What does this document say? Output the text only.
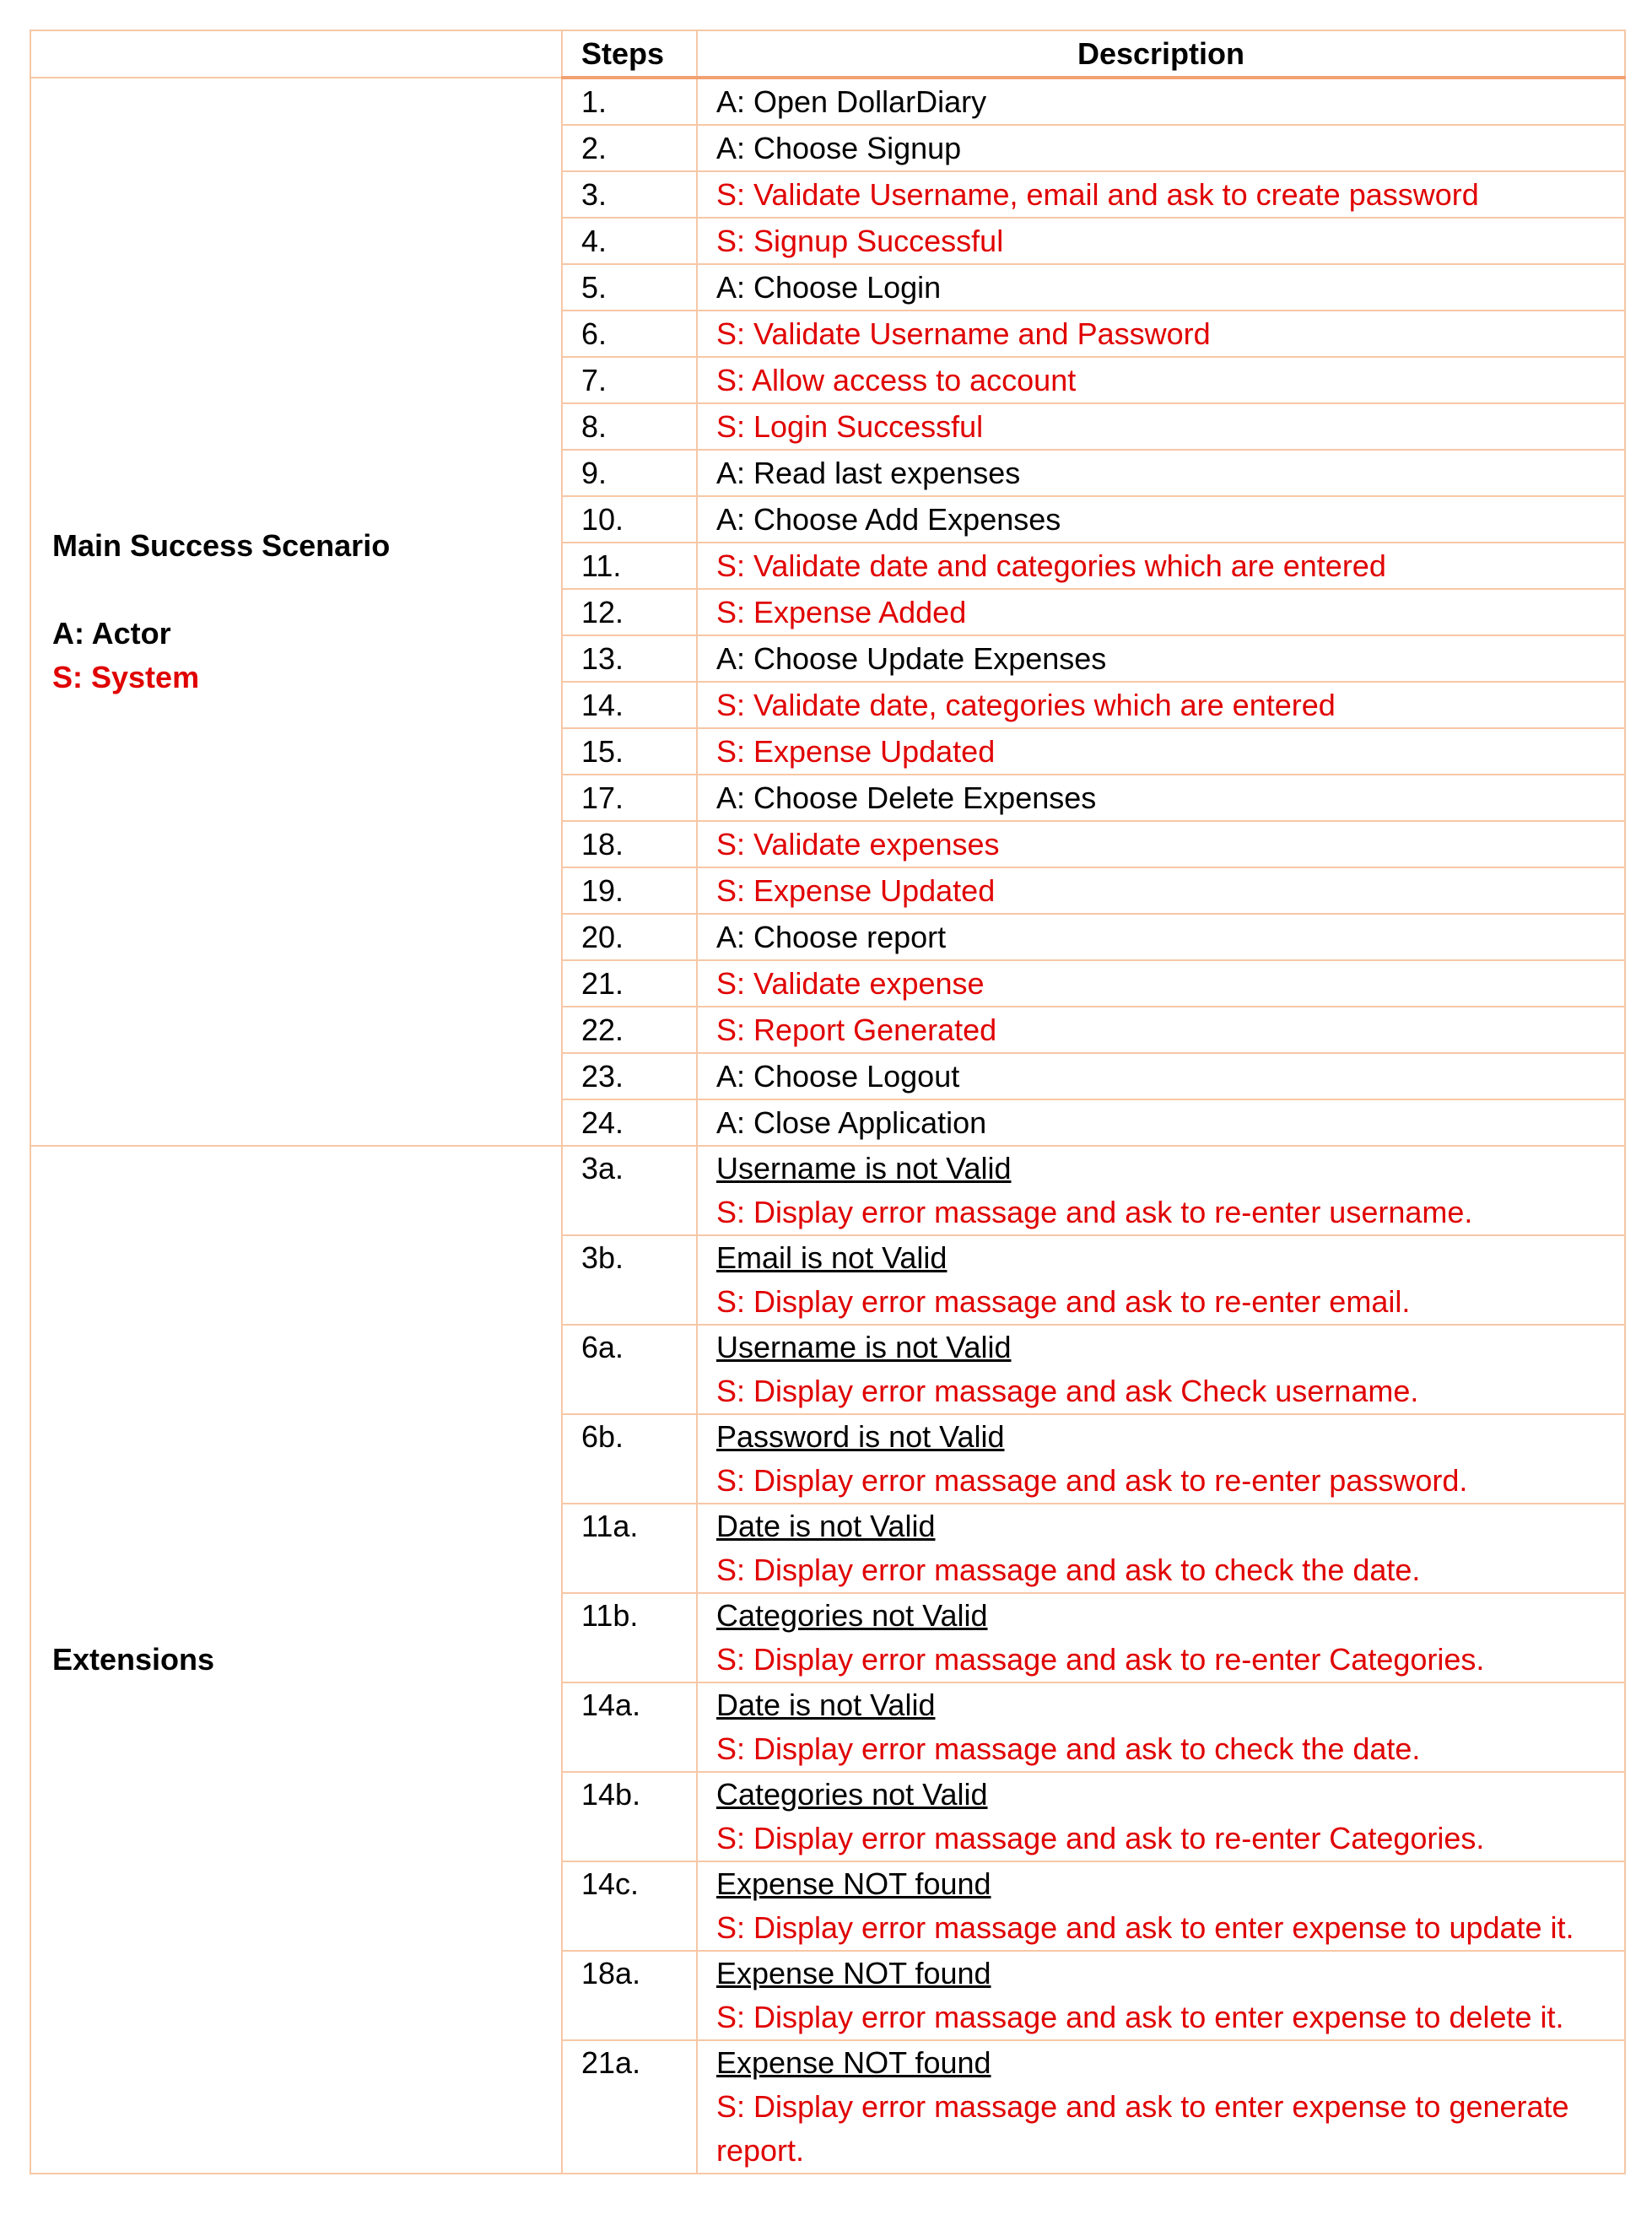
	Steps	Description

Main Success Scenario
A: Actor
S: System	1.	A: Open DollarDiary
	2.	A: Choose Signup
	3.	S: Validate Username, email and ask to create password
	4.	S: Signup Successful
	5.	A: Choose Login
	6.	S: Validate Username and Password
	7.	S: Allow access to account
	8.	S: Login Successful
	9.	A: Read last expenses
	10.	A: Choose Add Expenses
	11.	S: Validate date and categories which are entered
	12.	S: Expense Added
	13.	A: Choose Update Expenses
	14.	S: Validate date, categories which are entered
	15.	S: Expense Updated
	17.	A: Choose Delete Expenses
	18.	S: Validate expenses
	19.	S: Expense Updated
	20.	A: Choose report
	21.	S: Validate expense
	22.	S: Report Generated
	23.	A: Choose Logout
	24.	A: Close Application

Extensions	3a.	Username is not Valid
S: Display error massage and ask to re-enter username.

	3b.	Email is not Valid
S: Display error massage and ask to re-enter email.

	6a.	Username is not Valid
S: Display error massage and ask Check username.

	6b.	Password is not Valid
S: Display error massage and ask to re-enter password.

	11a.	Date is not Valid
S: Display error massage and ask to check the date.

	11b.	Categories not Valid
S: Display error massage and ask to re-enter Categories.

	14a.	Date is not Valid
S: Display error massage and ask to check the date.

	14b.	Categories not Valid
S: Display error massage and ask to re-enter Categories.

	14c.	Expense NOT found
S: Display error massage and ask to enter expense to update it.

	18a.	Expense NOT found
S: Display error massage and ask to enter expense to delete it.

	21a.	Expense NOT found
S: Display error massage and ask to enter expense to generate report.
